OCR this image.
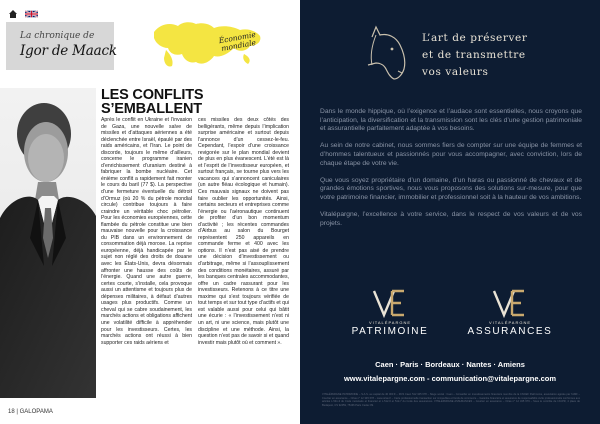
La chronique de
Igor de Maack
Économie mondiale
LES CONFLITS
S’EMBALLENT
Après le conflit en Ukraine et l’invasion de Gaza, une nouvelle salve de missiles et d’attaques aériennes a été déclenchée entre Israël, épaulé par des raids américains, et l’Iran. Le point de discorde, toujours le même d’ailleurs, concerne le programme iranien d’enrichissement d’uranium destiné à fabriquer la bombe nucléaire. Cet énième conflit a rapidement fait monter le cours du baril (77 $). La perspective d’une fermeture éventuelle du détroit d’Ormuz (où 20 % du pétrole mondial circule) contribue toujours à faire craindre un véritable choc pétrolier. Pour les économies européennes, cette flambée du pétrole constitue une bien mauvaise nouvelle pour la croissance du PIB dans un environnement de consommation déjà morose. La reprise européenne, déjà handicapée par le sujet non réglé des droits de douane avec les États-Unis, devra désormais affronter une hausse des coûts de l’énergie. Quand une autre guerre, certes courte, s’installe, cela provoque aussi un attentisme et toujours plus de dépenses militaires, à défaut d’autres usages plus productifs. Comme un cheval qui se cabre soudainement, les marchés actions et obligations affichent une volatilité difficile à appréhender pour les investisseurs. Certes, les marchés actions ont réussi à bien supporter ces raids aériens et
ces missiles des deux côtés des belligérants, même depuis l’implication surprise américaine et surtout depuis l’annonce d’un cessez-le-feu. Cependant, l’espoir d’une croissance revigorée sur le plan mondial devient de plus en plus évanescent. L’été est là et l’esprit de l’investisseur européen, et surtout français, se tourne plus vers les vacances qui s’annoncent caniculaires (un autre fléau écologique et humain). Ces mauvais signaux ne doivent pas faire oublier les opportunités. Ainsi, certains secteurs et entreprises comme l’énergie ou l’aéronautique continuent de profiter d’un bon momentum d’activité ; les récentes commandes d’Airbus au salon du Bourget représentent 250 appareils en commande ferme et 400 avec les options. Il n’est pas aisé de prendre une décision d’investissement ou d’arbitrage, même si l’assouplissement des conditions monétaires, assuré par les banques centrales accommodantes, offre un cadre rassurant pour les investisseurs. Retenons à ce titre une maxime qui s’est toujours vérifiée de tout temps et sur tout type d’actifs et qui est valable aussi pour celui qui bâtit une écurie : « l’investissement n’est ni un art, ni une science, mais plutôt une discipline et une méthode. Ainsi, la question n’est pas de savoir si et quand investir mais plutôt où et comment ».
18 | GALOPAMA
L’art de préserver
et de transmettre
vos valeurs

Dans le monde hippique, où l’exigence et l’audace sont essentielles, nous croyons que l’anticipation, la diversification et la transmission sont les clés d’une gestion patrimoniale et assurantielle parfaitement adaptée à vos besoins.

Au sein de notre cabinet, nous sommes fiers de compter sur une équipe de femmes et d’hommes talentueux et passionnés pour vous accompagner, avec conviction, lors de chaque étape de votre vie.

Que vous soyez propriétaire d’un domaine, d’un haras ou passionné de chevaux et de grandes émotions sportives, nous vous proposons des solutions sur-mesure, pour que votre patrimoine financier, immobilier et professionnel soit à la hauteur de vos ambitions.

Vitalépargne, l’excellence à votre service, dans le respect de vos valeurs et de vos projets.

VITALÉPARGNE
PATRIMOINE
VITALÉPARGNE
ASSURANCES
Caen · Paris · Bordeaux · Nantes · Amiens
www.vitalepargne.com - communication@vitalepargne.com
VITALÉPARGNE PATRIMOINE – S.A.S. au capital de 40 000 € – RCS Caen 512 345 678 – Siège social : Caen – Conseiller en investissements financiers membre de la CNCEF Patrimoine, association agréée par l’AMF – Courtier en assurance – Orias n° 12 345 678 – www.orias.fr – Carte professionnelle transaction sur immeubles et fonds de commerce – Garantie financière et assurance de responsabilité civile professionnelle conformes aux articles L.541-3 du Code monétaire et financier et L.512-6 et 512-7 du Code des assurances. VITALÉPARGNE ASSURANCES – Courtier en assurance – Orias n° 12 345 679 – Sous le contrôle de l’ACPR, 4 place de Budapest, CS 92459, 75436 Paris Cedex 09.
